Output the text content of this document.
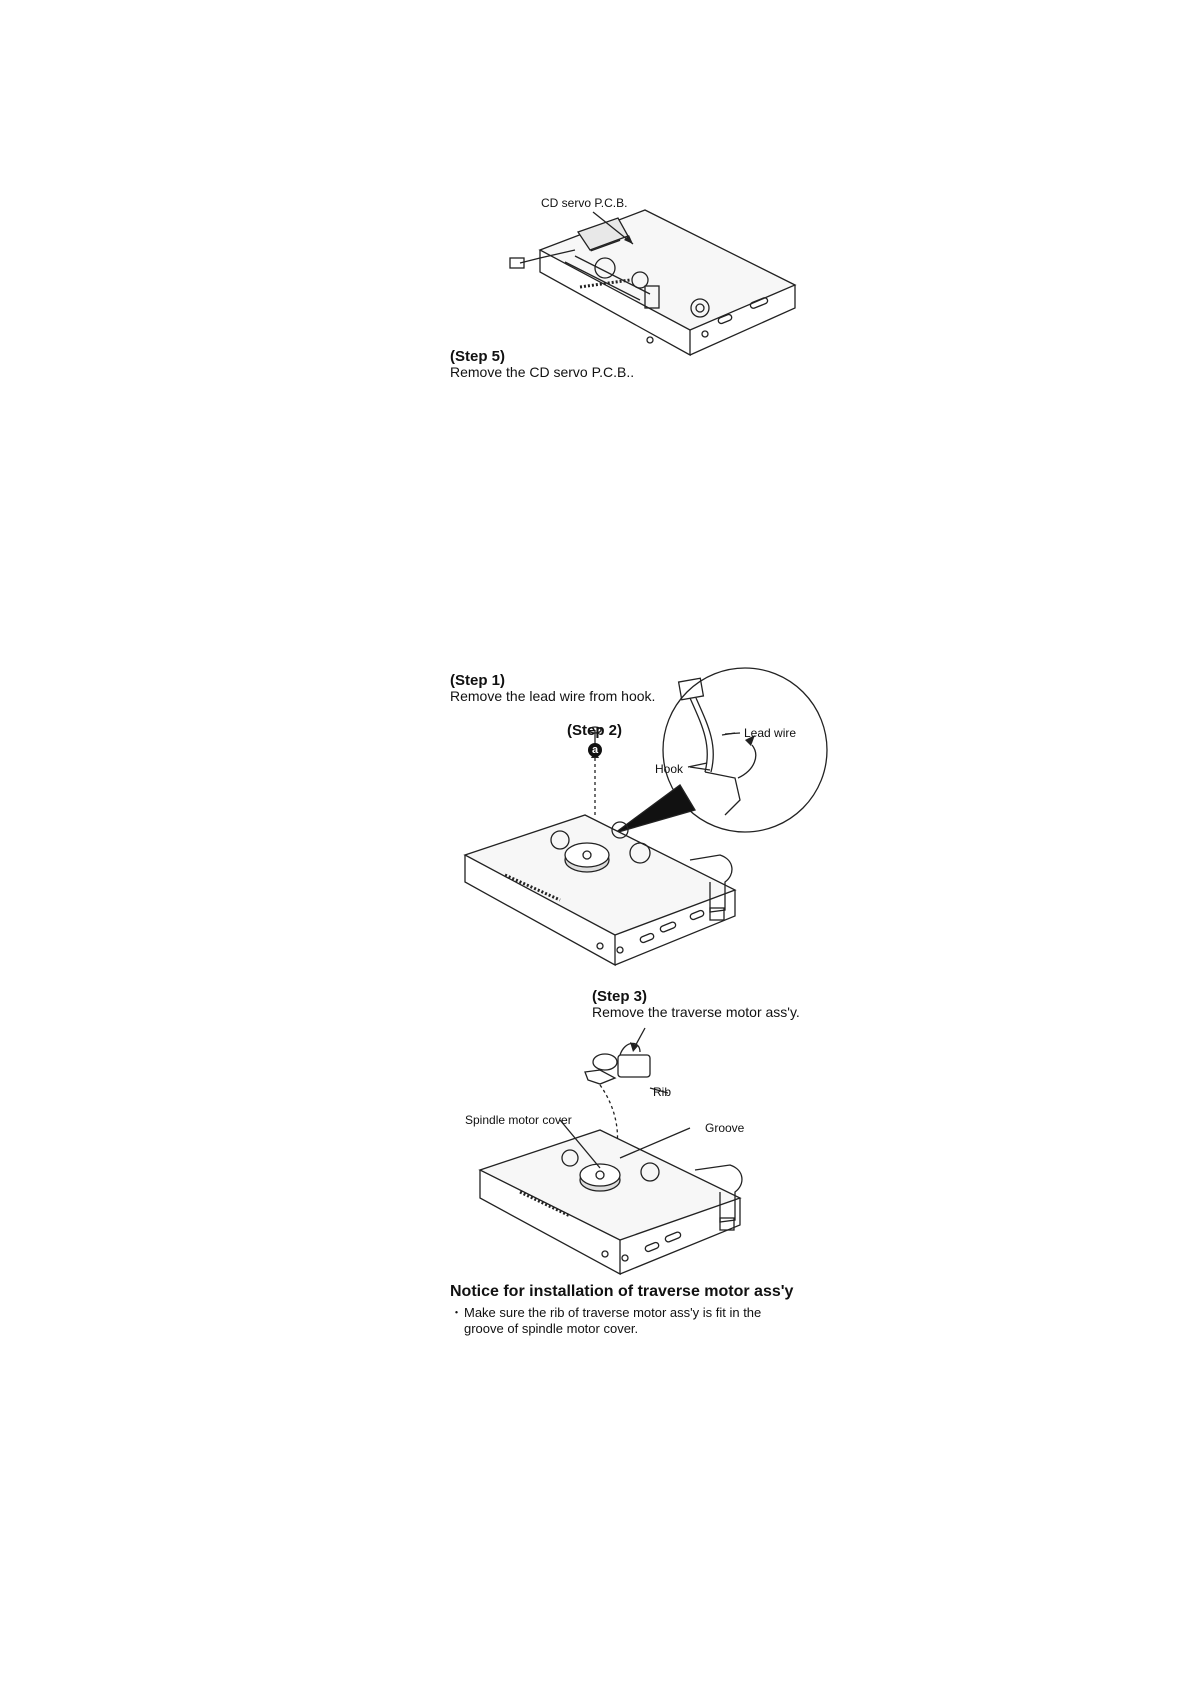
CD servo P.C.B.
(Step 5)
Remove the CD servo P.C.B..
(Step 1)
Remove the lead wire from hook.
(Step 2)
a
Lead wire
Hook
(Step 3)
Remove the traverse motor ass'y.
Rib
Spindle motor cover
Groove
Notice for installation of traverse motor ass'y
・ Make sure the rib of traverse motor ass'y is fit in the groove of spindle motor cover.
